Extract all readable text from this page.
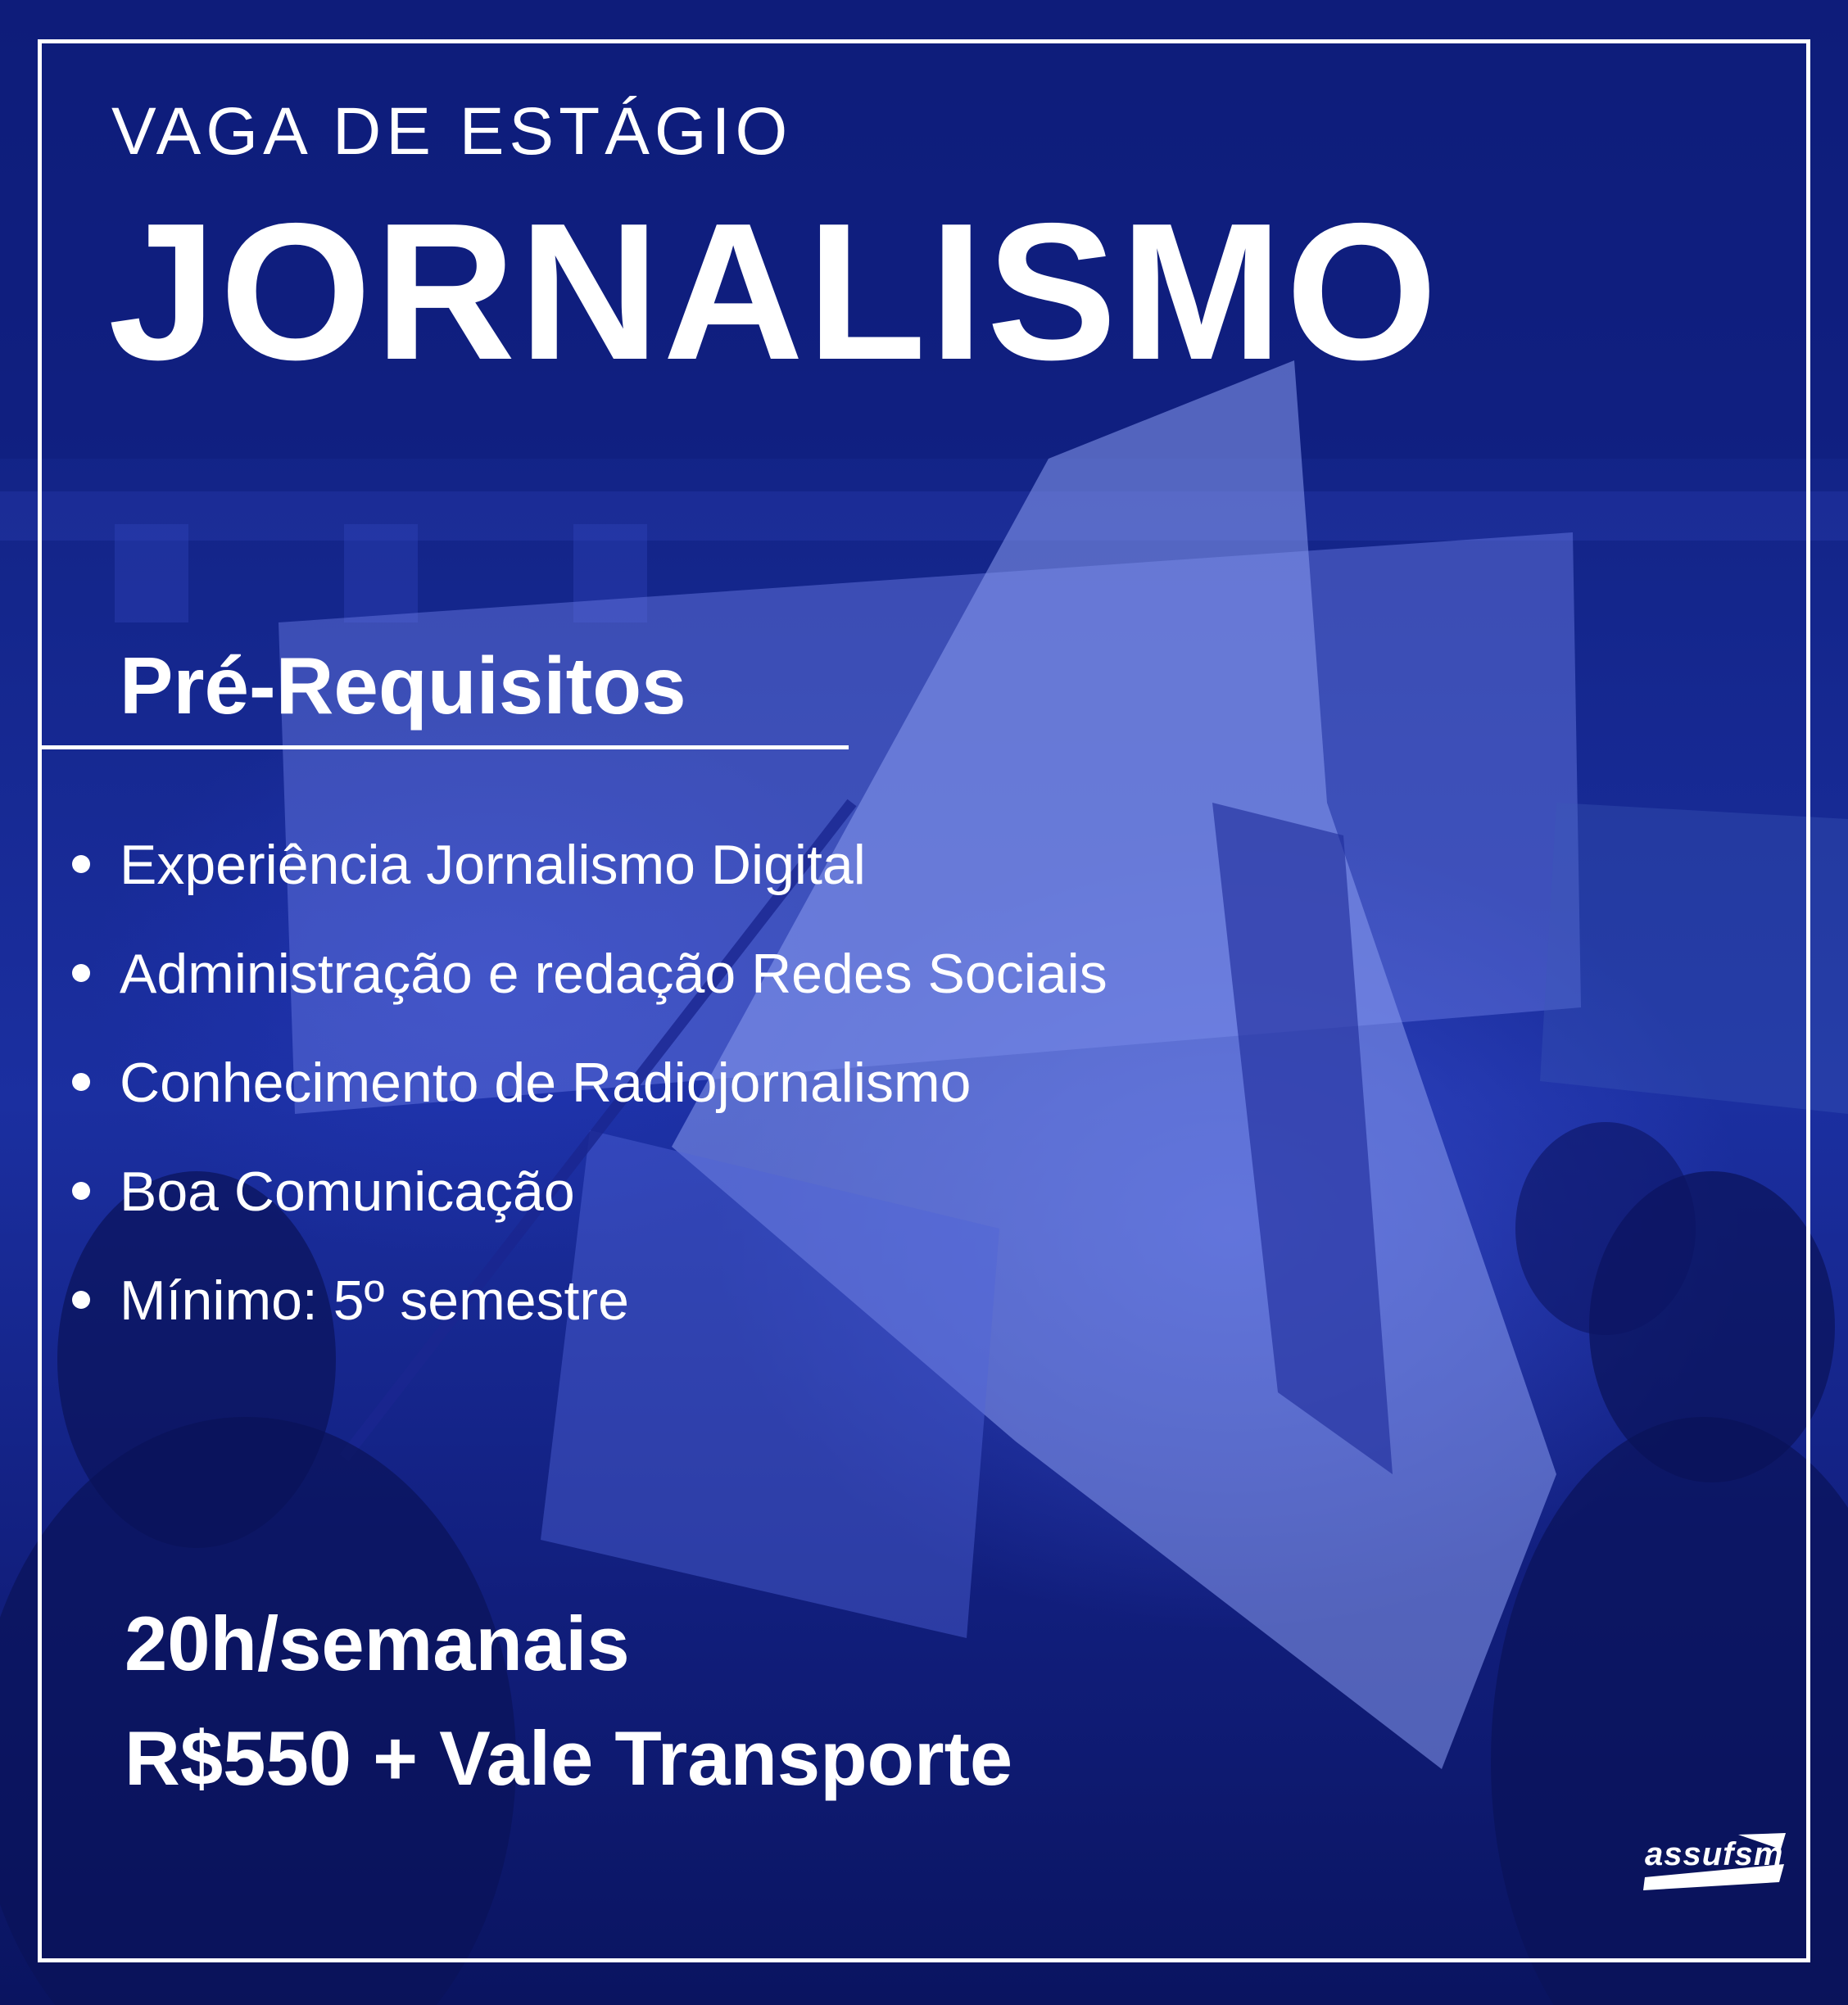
VAGA DE ESTÁGIO
JORNALISMO
Pré-Requisitos
Experiência Jornalismo Digital
Administração e redação Redes Sociais
Conhecimento de Radiojornalismo
Boa Comunicação
Mínimo: 5º semestre
20h/semanais
R$550 + Vale Transporte
assufsm
